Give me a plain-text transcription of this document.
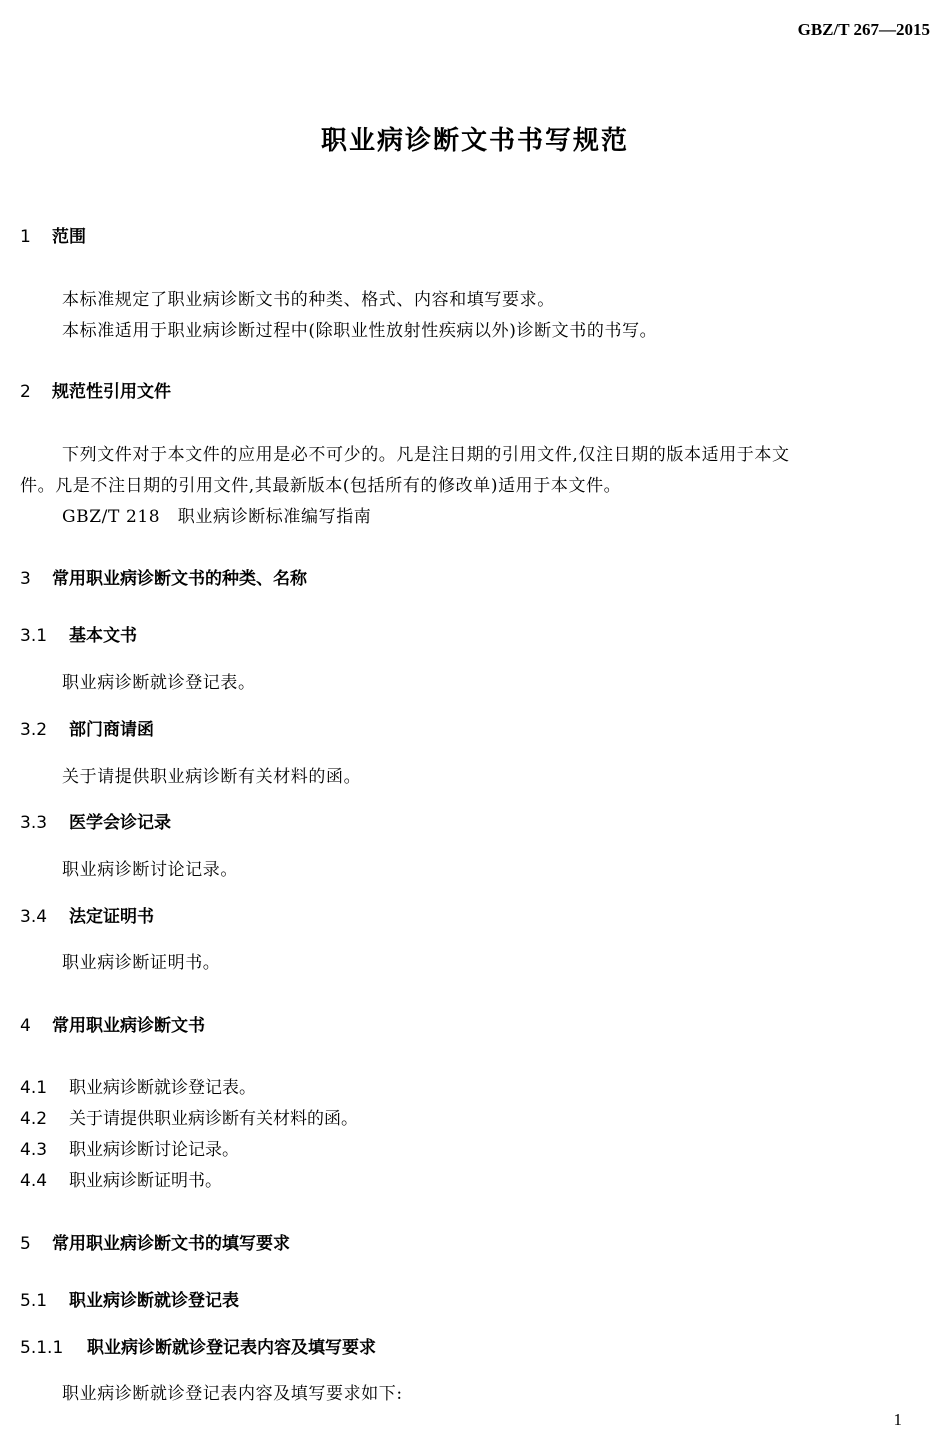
GBZ/T 267—2015
职业病诊断文书书写规范
1 范围
本标准规定了职业病诊断文书的种类、格式、内容和填写要求。
本标准适用于职业病诊断过程中(除职业性放射性疾病以外)诊断文书的书写。
2 规范性引用文件
下列文件对于本文件的应用是必不可少的。凡是注日期的引用文件,仅注日期的版本适用于本文
件。凡是不注日期的引用文件,其最新版本(包括所有的修改单)适用于本文件。
GBZ/T 218　职业病诊断标准编写指南
3 常用职业病诊断文书的种类、名称
3.1 基本文书
职业病诊断就诊登记表。
3.2 部门商请函
关于请提供职业病诊断有关材料的函。
3.3 医学会诊记录
职业病诊断讨论记录。
3.4 法定证明书
职业病诊断证明书。
4 常用职业病诊断文书
4.1 职业病诊断就诊登记表。
4.2 关于请提供职业病诊断有关材料的函。
4.3 职业病诊断讨论记录。
4.4 职业病诊断证明书。
5 常用职业病诊断文书的填写要求
5.1 职业病诊断就诊登记表
5.1.1 职业病诊断就诊登记表内容及填写要求
职业病诊断就诊登记表内容及填写要求如下:
1
